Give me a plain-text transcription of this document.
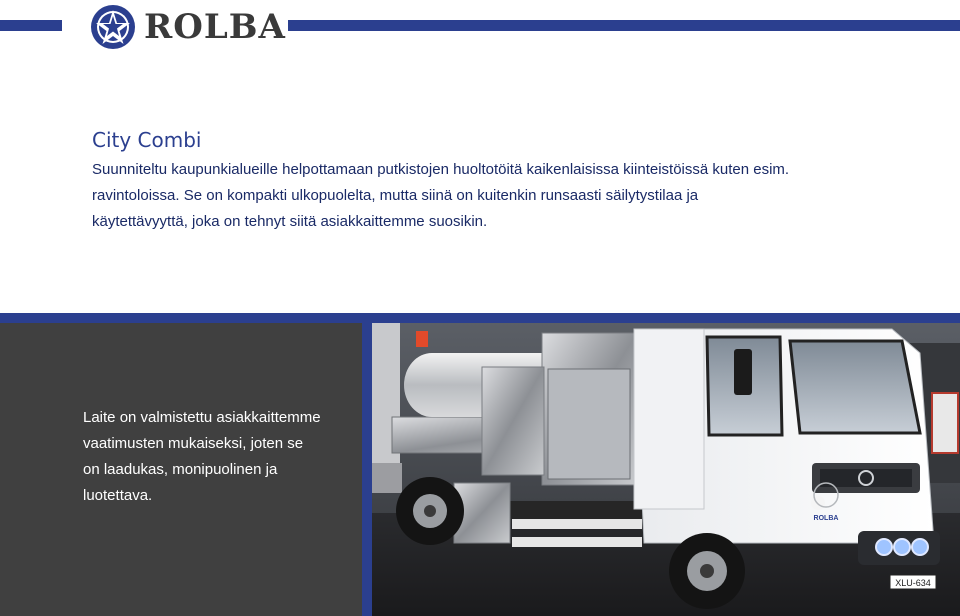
ROLBA
City Combi

Suunniteltu kaupunkialueille helpottamaan putkistojen huoltotöitä kaikenlaisissa kiinteistöissä kuten esim. ravintoloissa. Se on kompakti ulkopuolelta, mutta siinä on kuitenkin runsaasti säilytystilaa ja käytettävyyttä, joka on tehnyt siitä asiakkaittemme suosikin.

Laite on valmistettu asiakkaittemme vaatimusten mukaiseksi, joten se on laadukas, monipuolinen ja luotettava.

XLU-634
ROLBA
